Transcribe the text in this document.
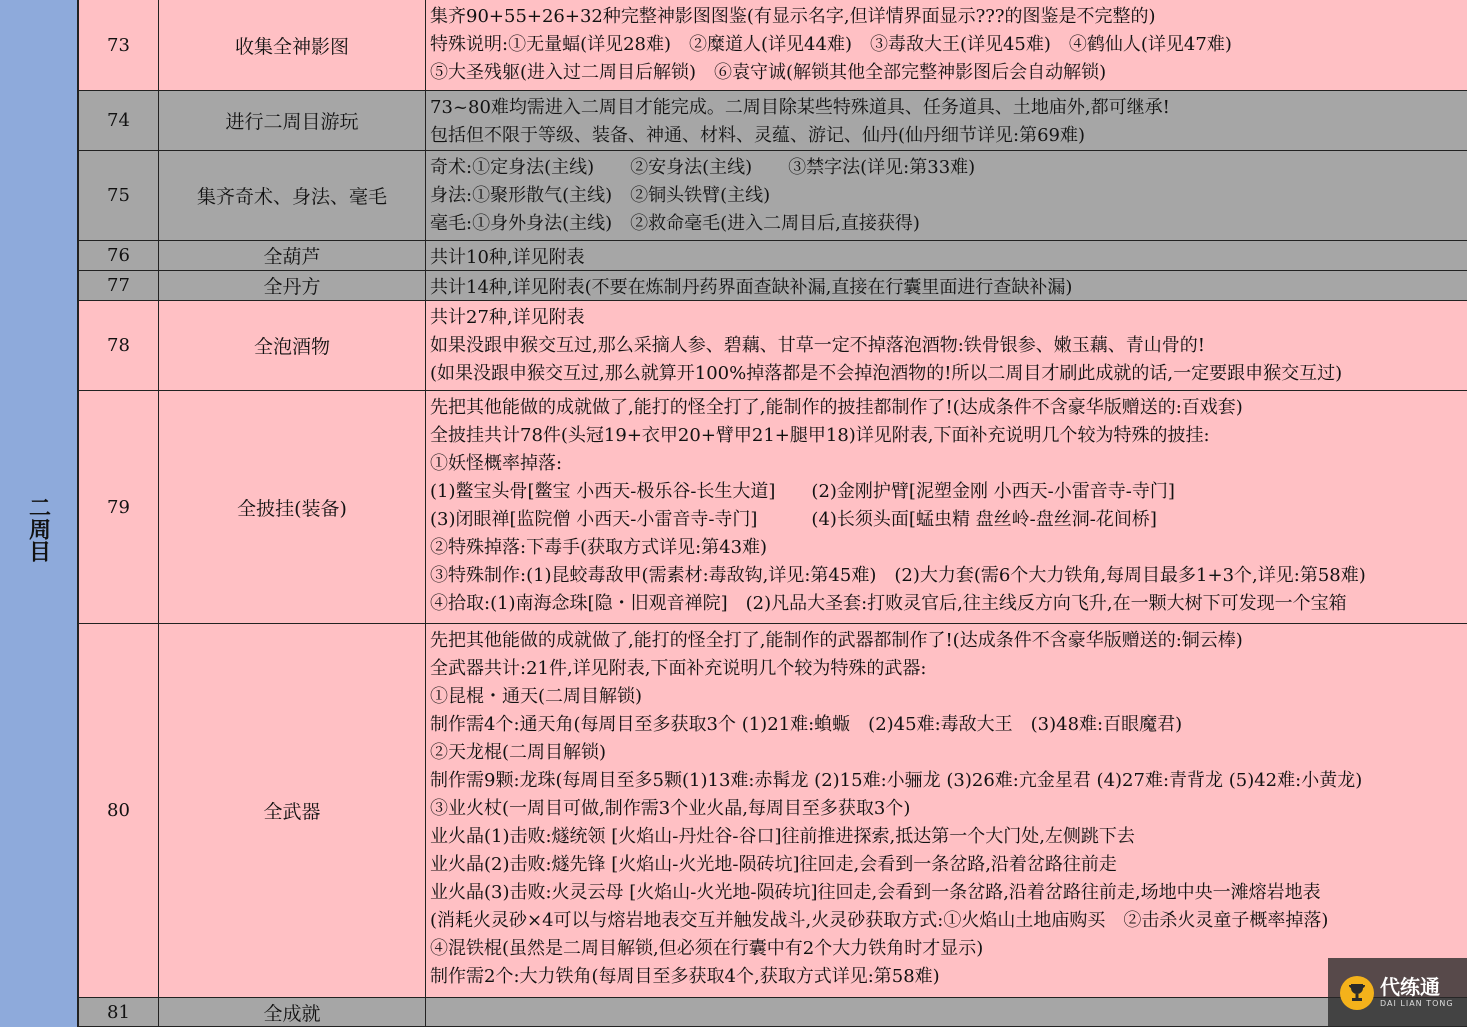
二周目
73	收集全神影图
集齐90+55+26+32种完整神影图图鉴(有显示名字,但详情界面显示???的图鉴是不完整的)
特殊说明:①无量蝠(详见28难)　②糜道人(详见44难)　③毒敌大王(详见45难)　④鹤仙人(详见47难)
⑤大圣残躯(进入过二周目后解锁)　⑥袁守诚(解锁其他全部完整神影图后会自动解锁)
74	进行二周目游玩
73~80难均需进入二周目才能完成。二周目除某些特殊道具、任务道具、土地庙外,都可继承!
包括但不限于等级、装备、神通、材料、灵蕴、游记、仙丹(仙丹细节详见:第69难)
75	集齐奇术、身法、毫毛
奇术:①定身法(主线)　　②安身法(主线)　　③禁字法(详见:第33难)
身法:①聚形散气(主线)　②铜头铁臂(主线)
毫毛:①身外身法(主线)　②救命毫毛(进入二周目后,直接获得)
76	全葫芦	共计10种,详见附表
77	全丹方	共计14种,详见附表(不要在炼制丹药界面查缺补漏,直接在行囊里面进行查缺补漏)
78	全泡酒物
共计27种,详见附表
如果没跟申猴交互过,那么采摘人参、碧藕、甘草一定不掉落泡酒物:铁骨银参、嫩玉藕、青山骨的!
(如果没跟申猴交互过,那么就算开100%掉落都是不会掉泡酒物的!所以二周目才刷此成就的话,一定要跟申猴交互过)
79	全披挂(装备)
先把其他能做的成就做了,能打的怪全打了,能制作的披挂都制作了!(达成条件不含豪华版赠送的:百戏套)
全披挂共计78件(头冠19+衣甲20+臂甲21+腿甲18)详见附表,下面补充说明几个较为特殊的披挂:
①妖怪概率掉落:
(1)鳖宝头骨[鳖宝 小西天-极乐谷-长生大道]　　(2)金刚护臂[泥塑金刚 小西天-小雷音寺-寺门]
(3)闭眼禅[监院僧 小西天-小雷音寺-寺门]　　　(4)长须头面[蜢虫精 盘丝岭-盘丝洞-花间桥]
②特殊掉落:下毒手(获取方式详见:第43难)
③特殊制作:(1)昆蛟毒敌甲(需素材:毒敌钩,详见:第45难)　(2)大力套(需6个大力铁角,每周目最多1+3个,详见:第58难)
④拾取:(1)南海念珠[隐・旧观音禅院]　(2)凡品大圣套:打败灵官后,往主线反方向飞升,在一颗大树下可发现一个宝箱
80	全武器
先把其他能做的成就做了,能打的怪全打了,能制作的武器都制作了!(达成条件不含豪华版赠送的:铜云棒)
全武器共计:21件,详见附表,下面补充说明几个较为特殊的武器:
①昆棍・通天(二周目解锁)
制作需4个:通天角(每周目至多获取3个 (1)21难:蝜蝂　(2)45难:毒敌大王　(3)48难:百眼魔君)
②天龙棍(二周目解锁)
制作需9颗:龙珠(每周目至多5颗(1)13难:赤髯龙 (2)15难:小骊龙 (3)26难:亢金星君 (4)27难:青背龙 (5)42难:小黄龙)
③业火杖(一周目可做,制作需3个业火晶,每周目至多获取3个)
业火晶(1)击败:燧统领 [火焰山-丹灶谷-谷口]往前推进探索,抵达第一个大门处,左侧跳下去
业火晶(2)击败:燧先锋 [火焰山-火光地-陨砖坑]往回走,会看到一条岔路,沿着岔路往前走
业火晶(3)击败:火灵云母 [火焰山-火光地-陨砖坑]往回走,会看到一条岔路,沿着岔路往前走,场地中央一滩熔岩地表
(消耗火灵砂×4可以与熔岩地表交互并触发战斗,火灵砂获取方式:①火焰山土地庙购买　②击杀火灵童子概率掉落)
④混铁棍(虽然是二周目解锁,但必须在行囊中有2个大力铁角时才显示)
制作需2个:大力铁角(每周目至多获取4个,获取方式详见:第58难)
81	全成就
代练通
DAI LIAN TONG
